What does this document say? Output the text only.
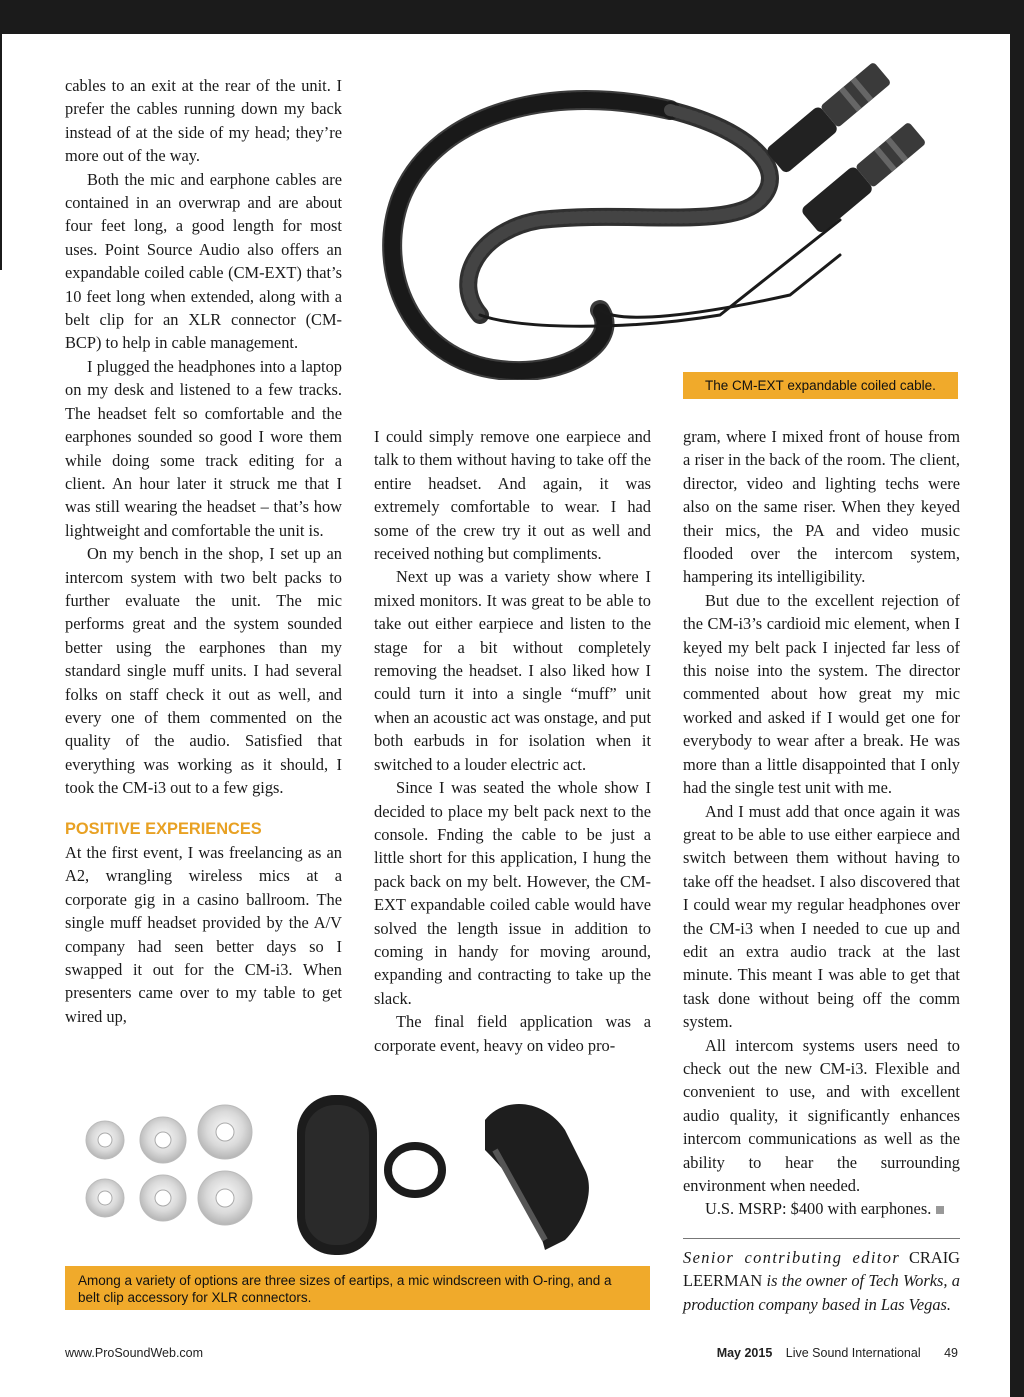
The CM-EXT expandable coiled cable.

cables to an exit at the rear of the unit. I prefer the cables running down my back instead of at the side of my head; they’re more out of the way.

Both the mic and earphone cables are contained in an overwrap and are about four feet long, a good length for most uses. Point Source Audio also offers an expandable coiled cable (CM-EXT) that’s 10 feet long when extended, along with a belt clip for an XLR connector (CM-BCP) to help in cable management.

I plugged the headphones into a laptop on my desk and listened to a few tracks. The headset felt so comfortable and the earphones sounded so good I wore them while doing some track editing for a client. An hour later it struck me that I was still wearing the headset – that’s how lightweight and comfortable the unit is.

On my bench in the shop, I set up an intercom system with two belt packs to further evaluate the unit. The mic performs great and the system sounded better using the earphones than my standard single muff units. I had several folks on staff check it out as well, and every one of them commented on the quality of the audio. Satisfied that everything was working as it should, I took the CM-i3 out to a few gigs.

POSITIVE EXPERIENCES

At the first event, I was freelancing as an A2, wrangling wireless mics at a corporate gig in a casino ballroom. The single muff headset provided by the A/V company had seen better days so I swapped it out for the CM-i3. When presenters came over to my table to get wired up,

I could simply remove one earpiece and talk to them without having to take off the entire headset. And again, it was extremely comfortable to wear. I had some of the crew try it out as well and received nothing but compliments.

Next up was a variety show where I mixed monitors. It was great to be able to take out either earpiece and listen to the stage for a bit without completely removing the headset. I also liked how I could turn it into a single “muff” unit when an acoustic act was onstage, and put both earbuds in for isolation when it switched to a louder electric act.

Since I was seated the whole show I decided to place my belt pack next to the console. Fnding the cable to be just a little short for this application, I hung the pack back on my belt. However, the CM-EXT expandable coiled cable would have solved the length issue in addition to coming in handy for moving around, expanding and contracting to take up the slack.

The final field application was a corporate event, heavy on video pro-

gram, where I mixed front of house from a riser in the back of the room. The client, director, video and lighting techs were also on the same riser. When they keyed their mics, the PA and video music flooded over the intercom system, hampering its intelligibility.

But due to the excellent rejection of the CM-i3’s cardioid mic element, when I keyed my belt pack I injected far less of this noise into the system. The director commented about how great my mic worked and asked if I would get one for everybody to wear after a break. He was more than a little disappointed that I only had the single test unit with me.

And I must add that once again it was great to be able to use either earpiece and switch between them without having to take off the headset. I also discovered that I could wear my regular headphones over the CM-i3 when I needed to cue up and edit an extra audio track at the last minute. This meant I was able to get that task done without being off the comm system.

All intercom systems users need to check out the new CM-i3. Flexible and convenient to use, and with excellent audio quality, it significantly enhances intercom communications as well as the ability to hear the surrounding environment when needed.

U.S. MSRP: $400 with earphones.

Senior contributing editor CRAIG LEERMAN is the owner of Tech Works, a production company based in Las Vegas.
Among a variety of options are three sizes of eartips, a mic windscreen with O-ring, and a belt clip accessory for XLR connectors.
www.ProSoundWeb.com	May 2015 Live Sound International 49
